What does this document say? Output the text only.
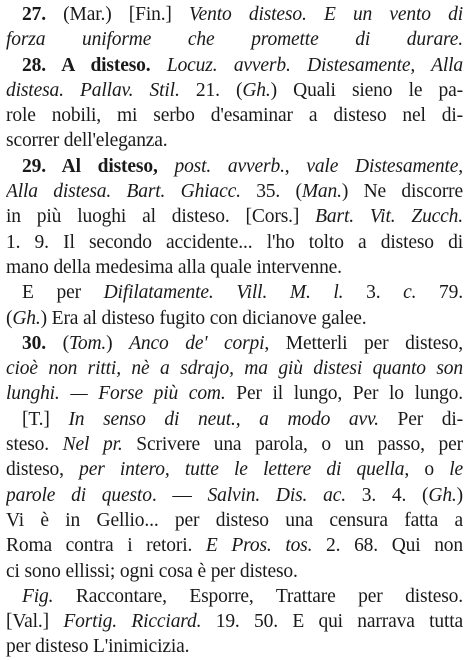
27. (Mar.) [Fin.] Vento disteso. E un vento di
forza uniforme che promette di durare.
28. A disteso. Locuz. avverb. Distesamente, Alla
distesa. Pallav. Stil. 21. (Gh.) Quali sieno le pa-
role nobili, mi serbo d'esaminar a disteso nel di-
scorrer dell'eleganza.
29. Al disteso, post. avverb., vale Distesamente,
Alla distesa. Bart. Ghiacc. 35. (Man.) Ne discorre
in più luoghi al disteso. [Cors.] Bart. Vit. Zucch.
1. 9. Il secondo accidente... l'ho tolto a disteso di
mano della medesima alla quale intervenne.
E per Difilatamente. Vill. M. l. 3. c. 79.
(Gh.) Era al disteso fugito con dicianove galee.
30. (Tom.) Anco de' corpi, Metterli per disteso,
cioè non ritti, nè a sdrajo, ma giù distesi quanto son
lunghi. — Forse più com. Per il lungo, Per lo lungo.
[T.] In senso di neut., a modo avv. Per di-
steso. Nel pr. Scrivere una parola, o un passo, per
disteso, per intero, tutte le lettere di quella, o le
parole di questo. — Salvin. Dis. ac. 3. 4. (Gh.)
Vi è in Gellio... per disteso una censura fatta a
Roma contra i retori. E Pros. tos. 2. 68. Qui non
ci sono ellissi; ogni cosa è per disteso.
Fig. Raccontare, Esporre, Trattare per disteso.
[Val.] Fortig. Ricciard. 19. 50. E qui narrava tutta
per disteso L'inimicizia.
